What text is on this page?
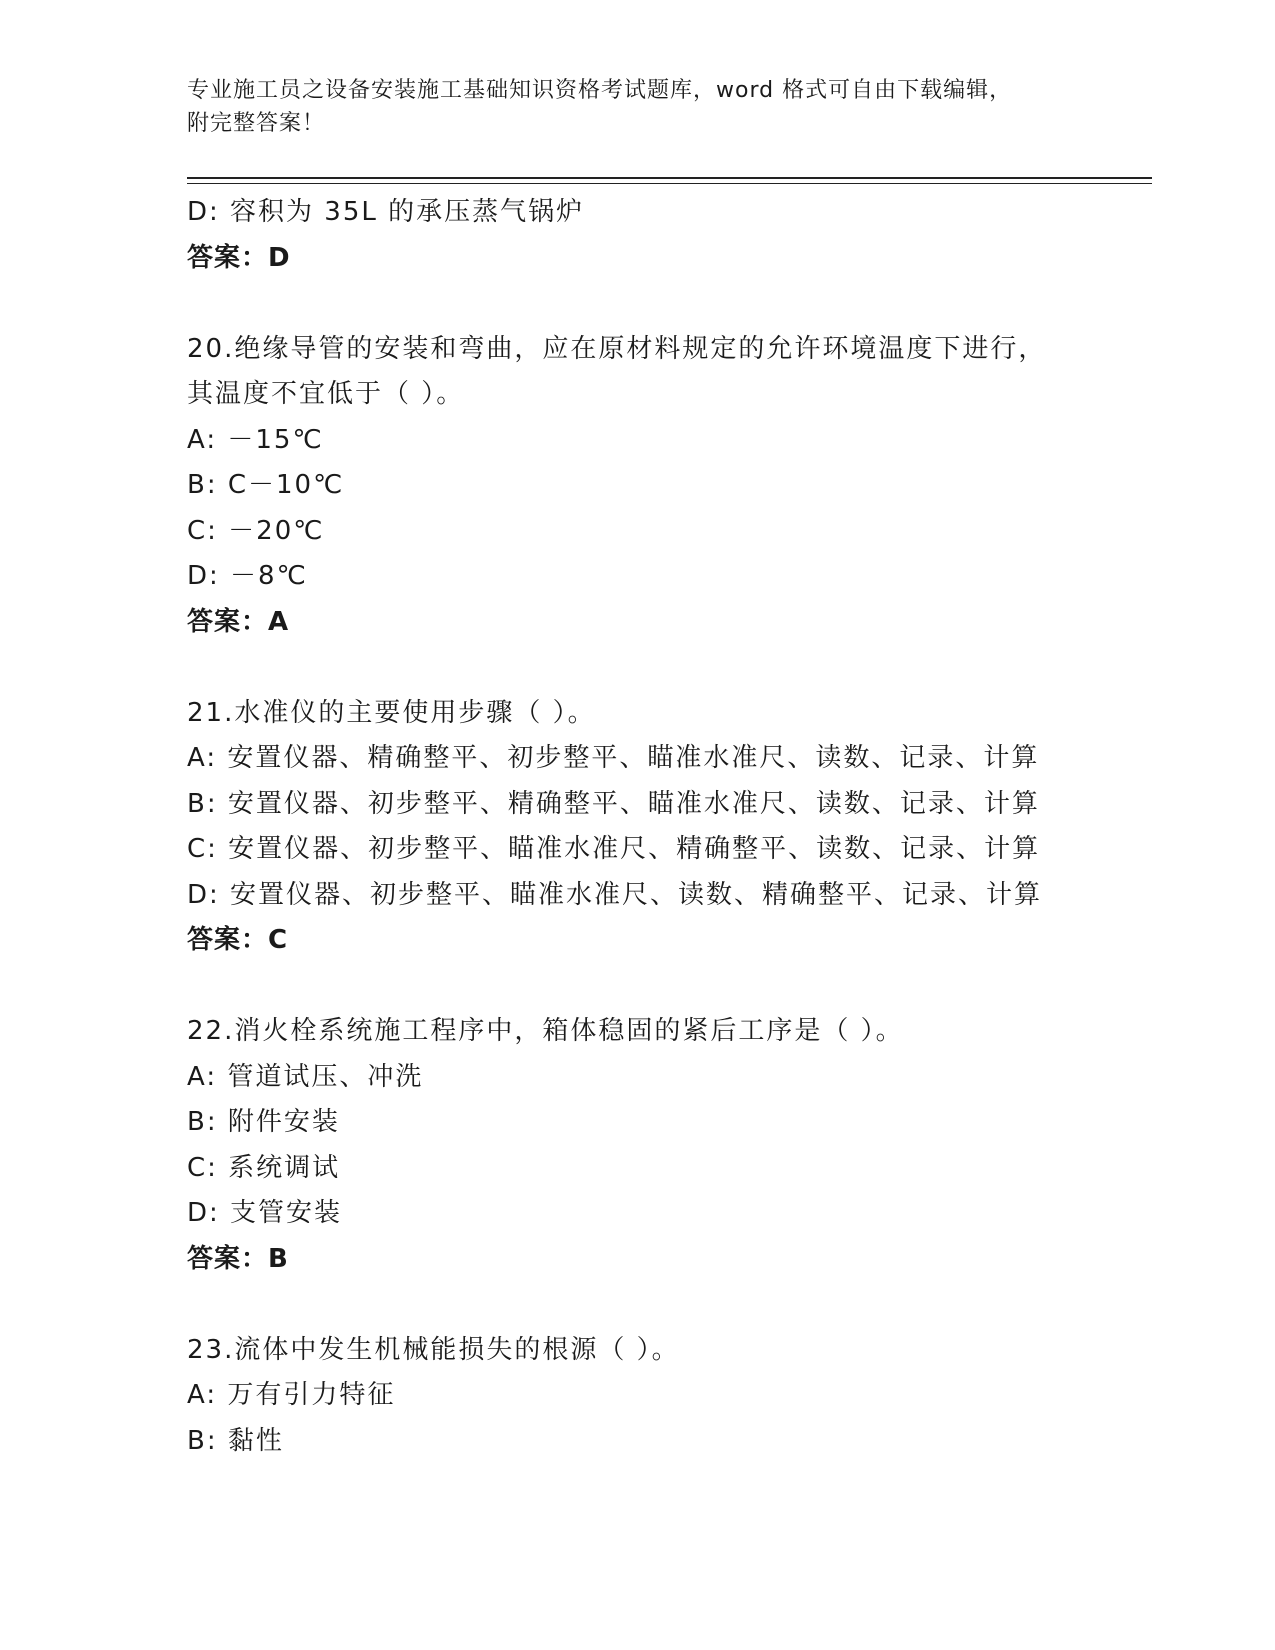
专业施工员之设备安装施工基础知识资格考试题库，word 格式可自由下载编辑，
附完整答案！
D: 容积为 35L 的承压蒸气锅炉
答案：D
20.绝缘导管的安装和弯曲，应在原材料规定的允许环境温度下进行，
其温度不宜低于（ ）。
A: －15℃
B: C－10℃
C: －20℃
D: －8℃
答案：A
21.水准仪的主要使用步骤（ ）。
A: 安置仪器、精确整平、初步整平、瞄准水准尺、读数、记录、计算
B: 安置仪器、初步整平、精确整平、瞄准水准尺、读数、记录、计算
C: 安置仪器、初步整平、瞄准水准尺、精确整平、读数、记录、计算
D: 安置仪器、初步整平、瞄准水准尺、读数、精确整平、记录、计算
答案：C
22.消火栓系统施工程序中，箱体稳固的紧后工序是（ ）。
A: 管道试压、冲洗
B: 附件安装
C: 系统调试
D: 支管安装
答案：B
23.流体中发生机械能损失的根源（ ）。
A: 万有引力特征
B: 黏性
